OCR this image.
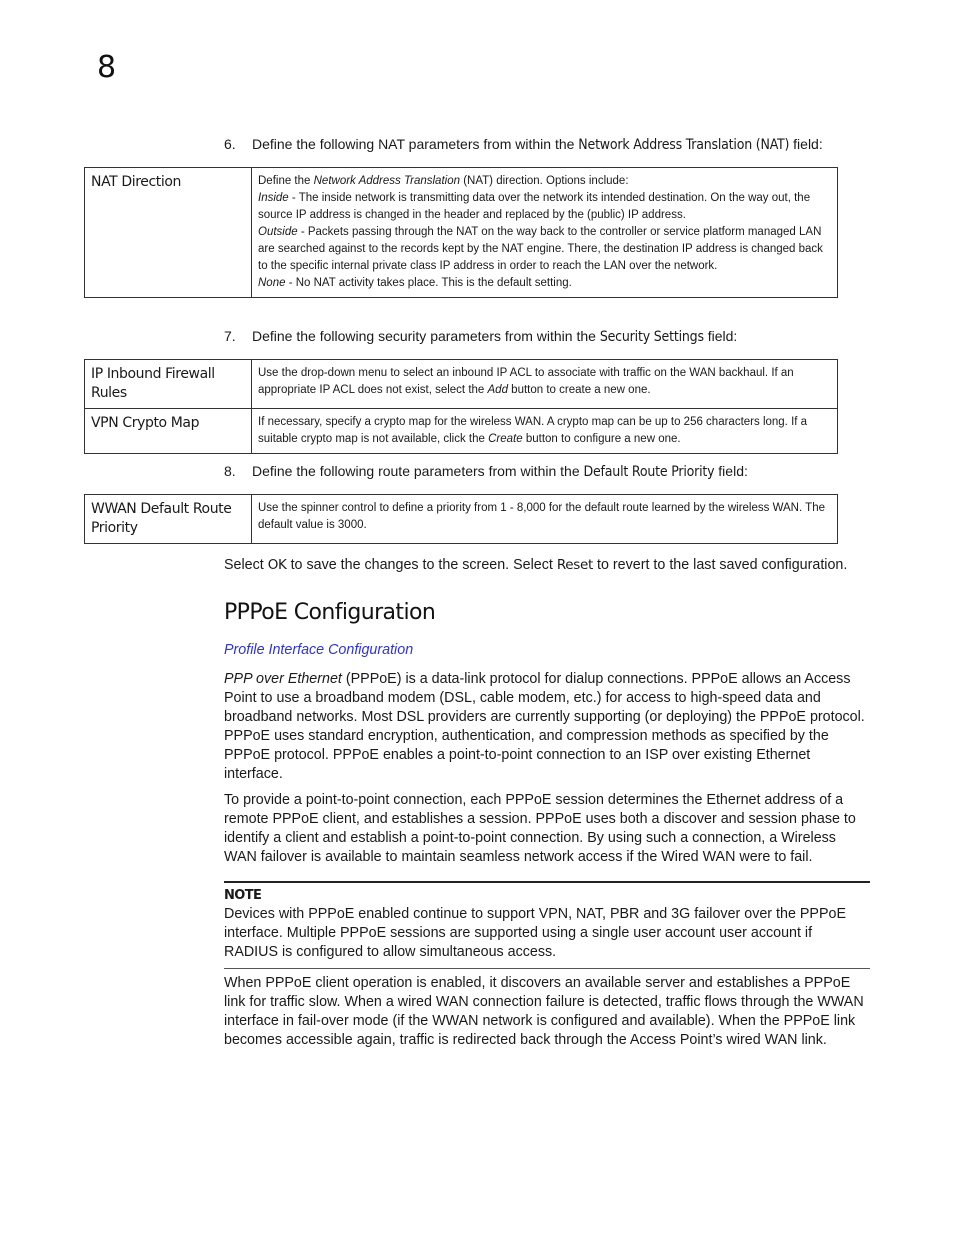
8
6. Define the following NAT parameters from within the Network Address Translation (NAT) field:
NAT Direction	Define the Network Address Translation (NAT) direction. Options include:

Inside - The inside network is transmitting data over the network its intended destination. On the way out, the source IP address is changed in the header and replaced by the (public) IP address.

Outside - Packets passing through the NAT on the way back to the controller or service platform managed LAN are searched against to the records kept by the NAT engine. There, the destination IP address is changed back to the specific internal private class IP address in order to reach the LAN over the network.

None - No NAT activity takes place. This is the default setting.

7. Define the following security parameters from within the Security Settings field:
IP Inbound Firewall Rules	Use the drop-down menu to select an inbound IP ACL to associate with traffic on the WAN backhaul. If an appropriate IP ACL does not exist, select the Add button to create a new one.
VPN Crypto Map	If necessary, specify a crypto map for the wireless WAN. A crypto map can be up to 256 characters long. If a suitable crypto map is not available, click the Create button to configure a new one.
8. Define the following route parameters from within the Default Route Priority field:
WWAN Default Route Priority	Use the spinner control to define a priority from 1 - 8,000 for the default route learned by the wireless WAN. The default value is 3000.
Select OK to save the changes to the screen. Select Reset to revert to the last saved configuration.
PPPoE Configuration
Profile Interface Configuration

PPP over Ethernet (PPPoE) is a data-link protocol for dialup connections. PPPoE allows an Access Point to use a broadband modem (DSL, cable modem, etc.) for access to high-speed data and broadband networks. Most DSL providers are currently supporting (or deploying) the PPPoE protocol. PPPoE uses standard encryption, authentication, and compression methods as specified by the PPPoE protocol. PPPoE enables a point-to-point connection to an ISP over existing Ethernet interface.

To provide a point-to-point connection, each PPPoE session determines the Ethernet address of a remote PPPoE client, and establishes a session. PPPoE uses both a discover and session phase to identify a client and establish a point-to-point connection. By using such a connection, a Wireless WAN failover is available to maintain seamless network access if the Wired WAN were to fail.

NOTE
Devices with PPPoE enabled continue to support VPN, NAT, PBR and 3G failover over the PPPoE interface. Multiple PPPoE sessions are supported using a single user account user account if RADIUS is configured to allow simultaneous access.

When PPPoE client operation is enabled, it discovers an available server and establishes a PPPoE link for traffic slow. When a wired WAN connection failure is detected, traffic flows through the WWAN interface in fail-over mode (if the WWAN network is configured and available). When the PPPoE link becomes accessible again, traffic is redirected back through the Access Point’s wired WAN link.
